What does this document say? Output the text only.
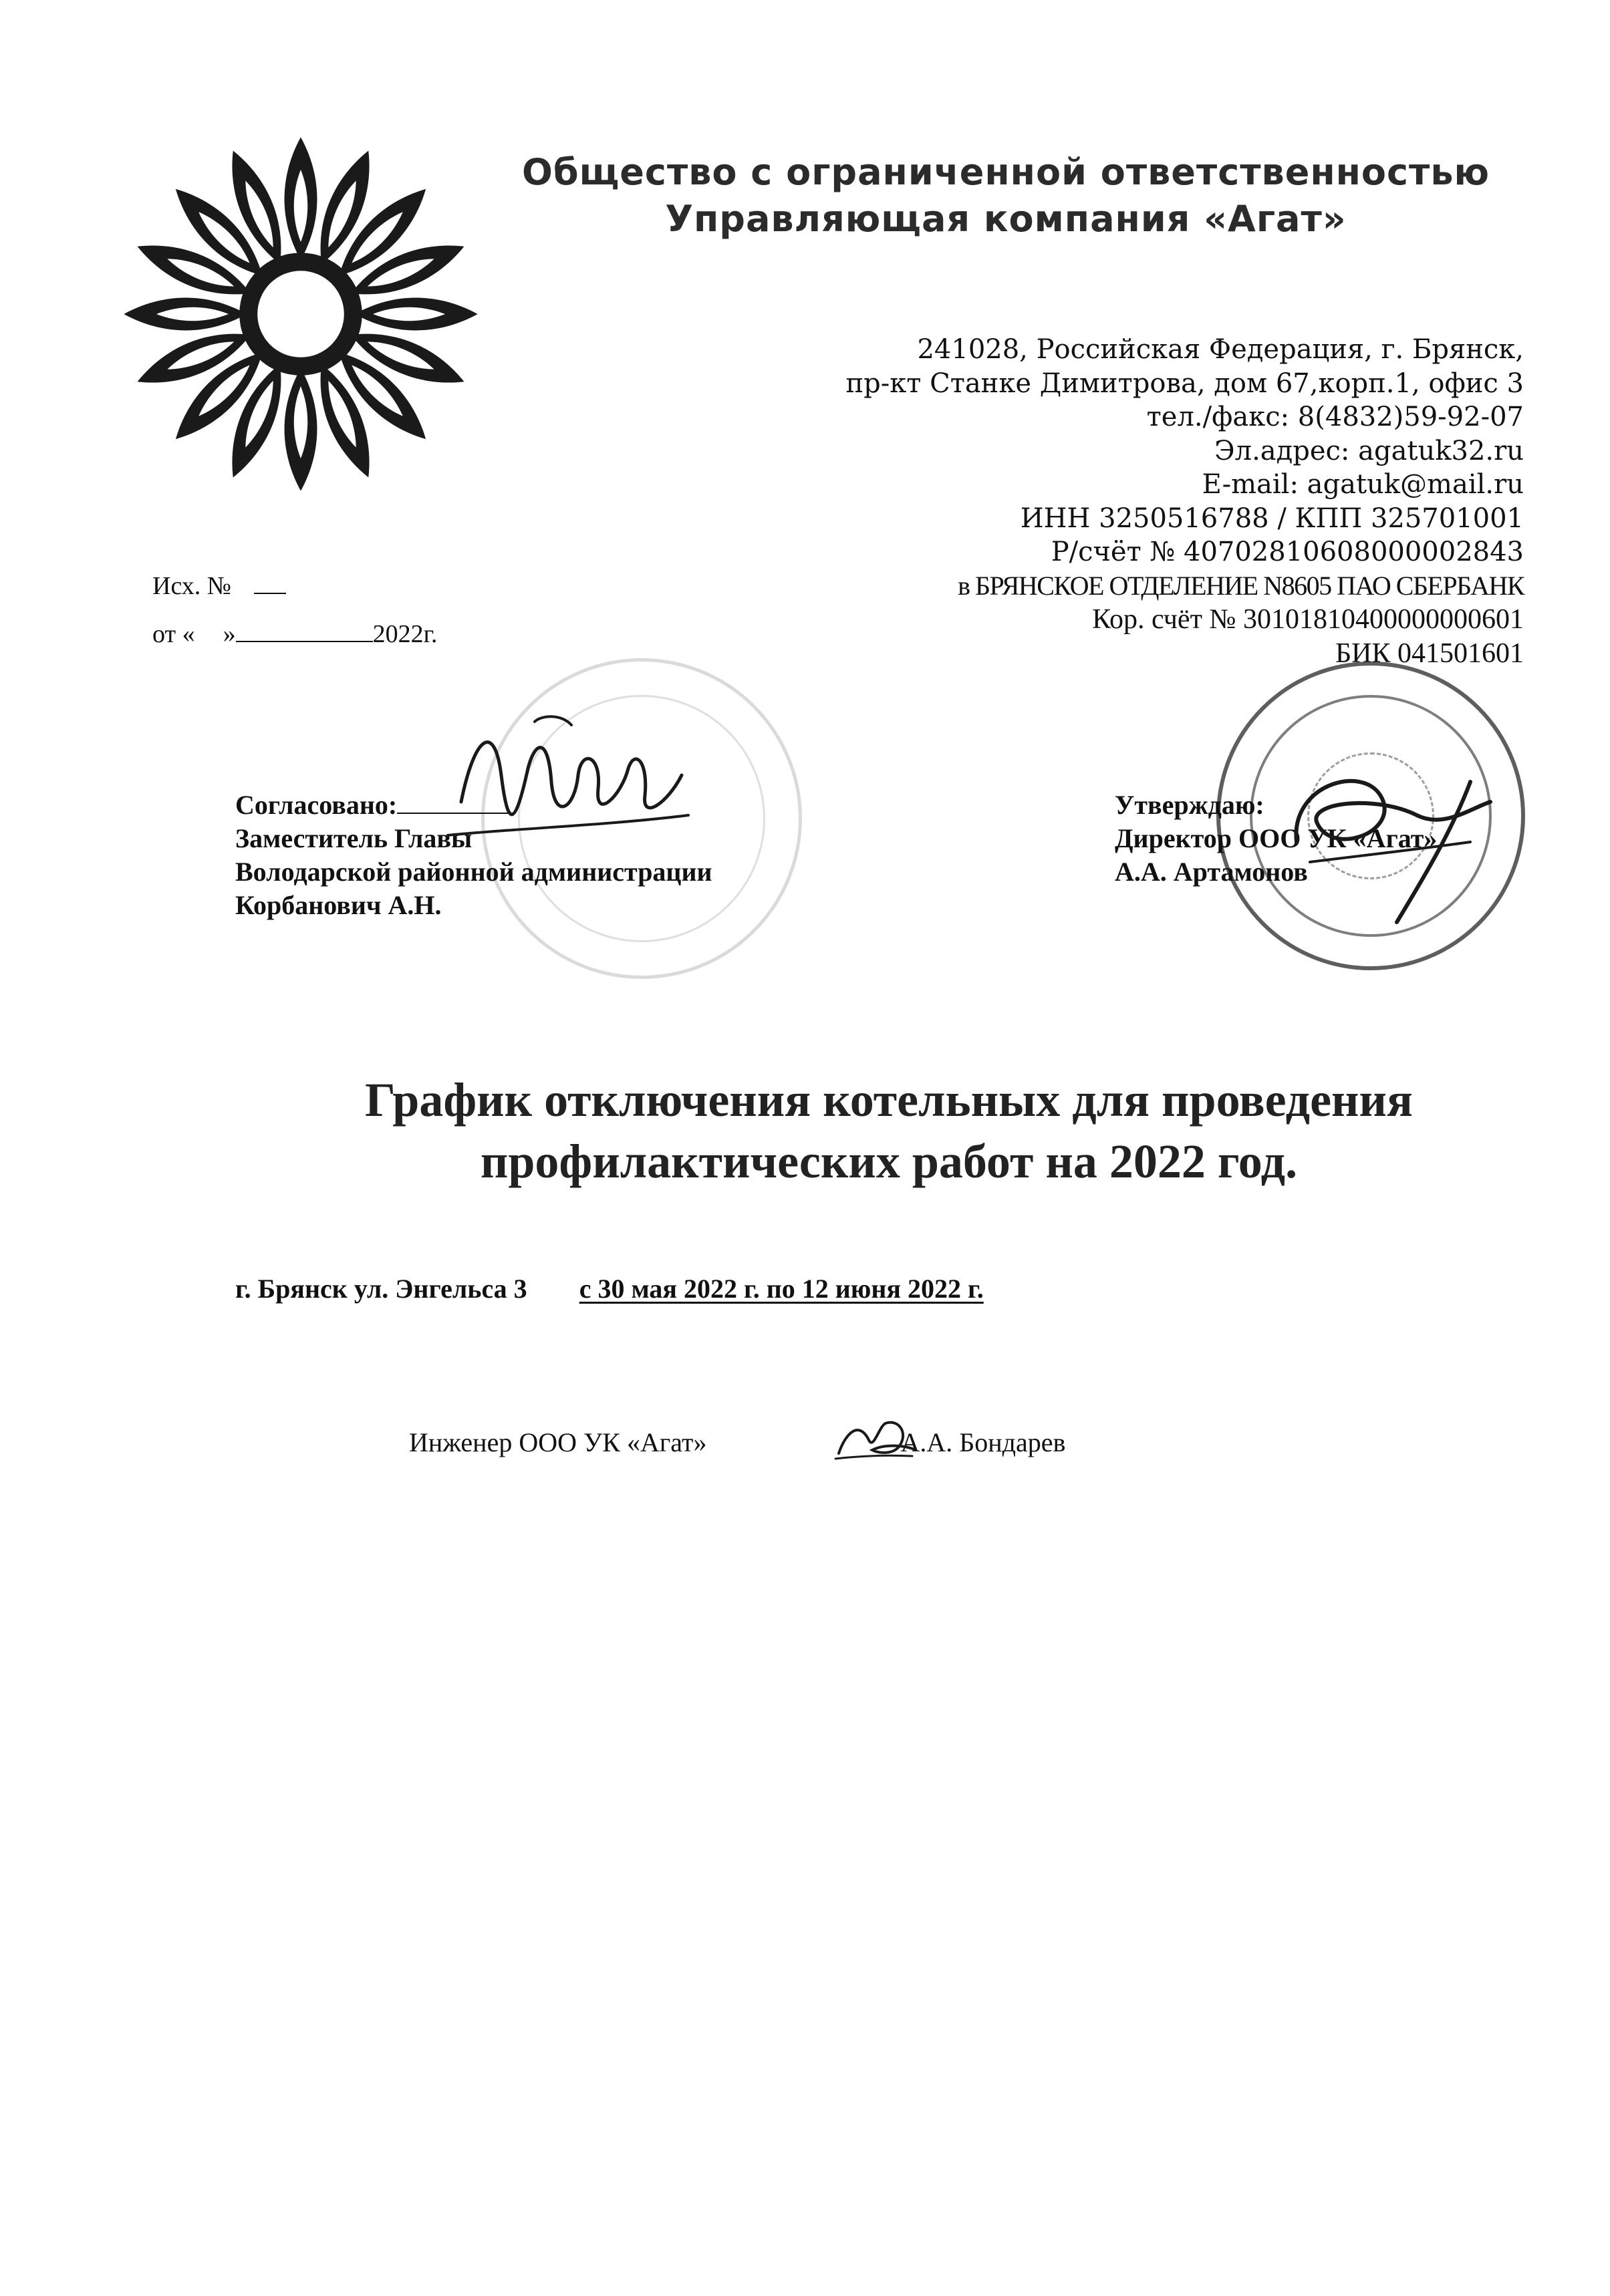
Общество с ограниченной ответственностью
Управляющая компания «Агат»
241028, Российская Федерация, г. Брянск,
пр-кт Станке Димитрова, дом 67,корп.1, офис 3
тел./факс: 8(4832)59-92-07
Эл.адрес: agatuk32.ru
E-mail: agatuk@mail.ru
ИНН 3250516788 / КПП 325701001
Р/счёт № 40702810608000002843
в БРЯНСКОЕ ОТДЕЛЕНИЕ N8605 ПАО СБЕРБАНК
Кор. счёт № 30101810400000000601
БИК 041501601
Исх. №
от « »	2022г.
Согласовано:
Заместитель Главы
Володарской районной администрации
Корбанович А.Н.
Утверждаю:
Директор ООО УК «Агат»
А.А. Артамонов
График отключения котельных для проведения
профилактических работ на 2022 год.
г. Брянск ул. Энгельса 3 с 30 мая 2022 г. по 12 июня 2022 г.
Инженер ООО УК «Агат»	А.А. Бондарев
